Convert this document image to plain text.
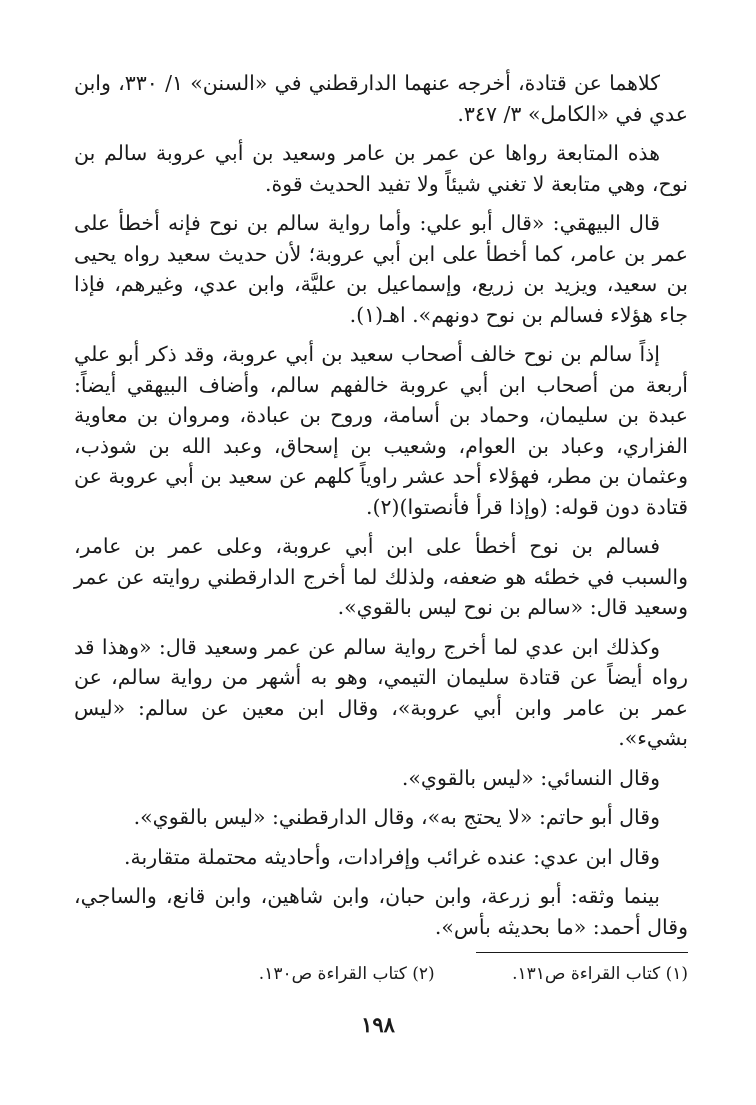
كلاهما عن قتادة، أخرجه عنهما الدارقطني في «السنن» ١/ ٣٣٠، وابن عدي في «الكامل» ٣/ ٣٤٧.

هذه المتابعة رواها عن عمر بن عامر وسعيد بن أبي عروبة سالم بن نوح، وهي متابعة لا تغني شيئاً ولا تفيد الحديث قوة.

قال البيهقي: «قال أبو علي: وأما رواية سالم بن نوح فإنه أخطأ على عمر بن عامر، كما أخطأ على ابن أبي عروبة؛ لأن حديث سعيد رواه يحيى بن سعيد، ويزيد بن زريع، وإسماعيل بن عليَّة، وابن عدي، وغيرهم، فإذا جاء هؤلاء فسالم بن نوح دونهم». اهـ(١).

إذاً سالم بن نوح خالف أصحاب سعيد بن أبي عروبة، وقد ذكر أبو علي أربعة من أصحاب ابن أبي عروبة خالفهم سالم، وأضاف البيهقي أيضاً: عبدة بن سليمان، وحماد بن أسامة، وروح بن عبادة، ومروان بن معاوية الفزاري، وعباد بن العوام، وشعيب بن إسحاق، وعبد الله بن شوذب، وعثمان بن مطر، فهؤلاء أحد عشر راوياً كلهم عن سعيد بن أبي عروبة عن قتادة دون قوله: (وإذا قرأ فأنصتوا)(٢).

فسالم بن نوح أخطأ على ابن أبي عروبة، وعلى عمر بن عامر، والسبب في خطئه هو ضعفه، ولذلك لما أخرج الدارقطني روايته عن عمر وسعيد قال: «سالم بن نوح ليس بالقوي».

وكذلك ابن عدي لما أخرج رواية سالم عن عمر وسعيد قال: «وهذا قد رواه أيضاً عن قتادة سليمان التيمي، وهو به أشهر من رواية سالم، عن عمر بن عامر وابن أبي عروبة»، وقال ابن معين عن سالم: «ليس بشيء».

وقال النسائي: «ليس بالقوي».

وقال أبو حاتم: «لا يحتج به»، وقال الدارقطني: «ليس بالقوي».

وقال ابن عدي: عنده غرائب وإفرادات، وأحاديثه محتملة متقاربة.

بينما وثقه: أبو زرعة، وابن حبان، وابن شاهين، وابن قانع، والساجي، وقال أحمد: «ما بحديثه بأس».

(١) كتاب القراءة ص١٣١. (٢) كتاب القراءة ص١٣٠.
١٩٨
